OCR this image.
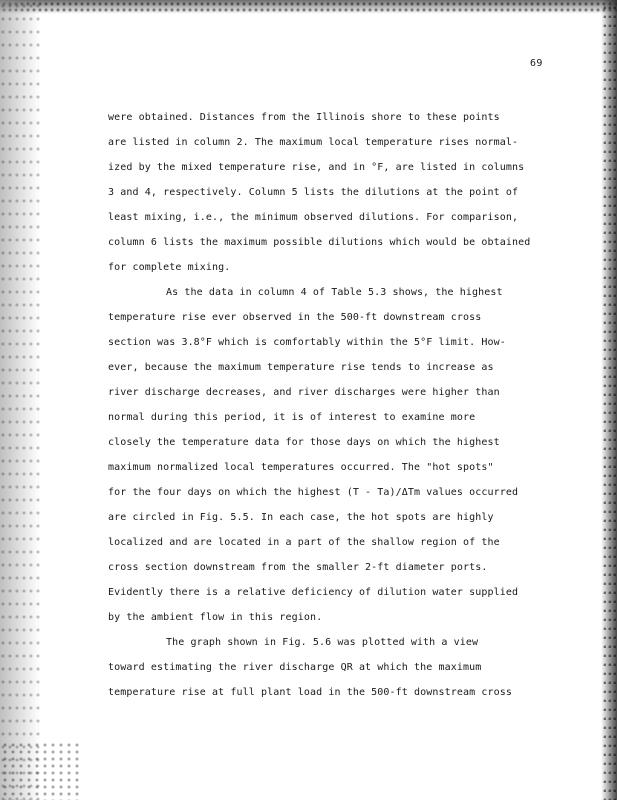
69
were obtained. Distances from the Illinois shore to these points
are listed in column 2. The maximum local temperature rises normal-
ized by the mixed temperature rise, and in °F, are listed in columns
3 and 4, respectively. Column 5 lists the dilutions at the point of
least mixing, i.e., the minimum observed dilutions. For comparison,
column 6 lists the maximum possible dilutions which would be obtained
for complete mixing.
As the data in column 4 of Table 5.3 shows, the highest
temperature rise ever observed in the 500-ft downstream cross
section was 3.8°F which is comfortably within the 5°F limit. How-
ever, because the maximum temperature rise tends to increase as
river discharge decreases, and river discharges were higher than
normal during this period, it is of interest to examine more
closely the temperature data for those days on which the highest
maximum normalized local temperatures occurred. The "hot spots"
for the four days on which the highest (T - Ta)/ΔTm values occurred
are circled in Fig. 5.5. In each case, the hot spots are highly
localized and are located in a part of the shallow region of the
cross section downstream from the smaller 2-ft diameter ports.
Evidently there is a relative deficiency of dilution water supplied
by the ambient flow in this region.
The graph shown in Fig. 5.6 was plotted with a view
toward estimating the river discharge QR at which the maximum
temperature rise at full plant load in the 500-ft downstream cross
